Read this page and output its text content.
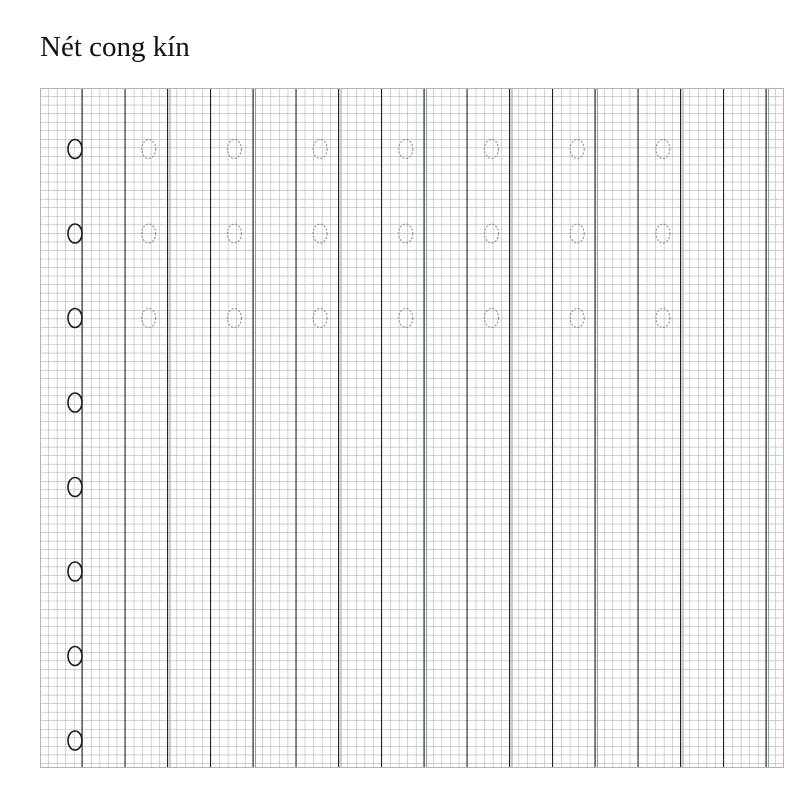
Nét cong kín
